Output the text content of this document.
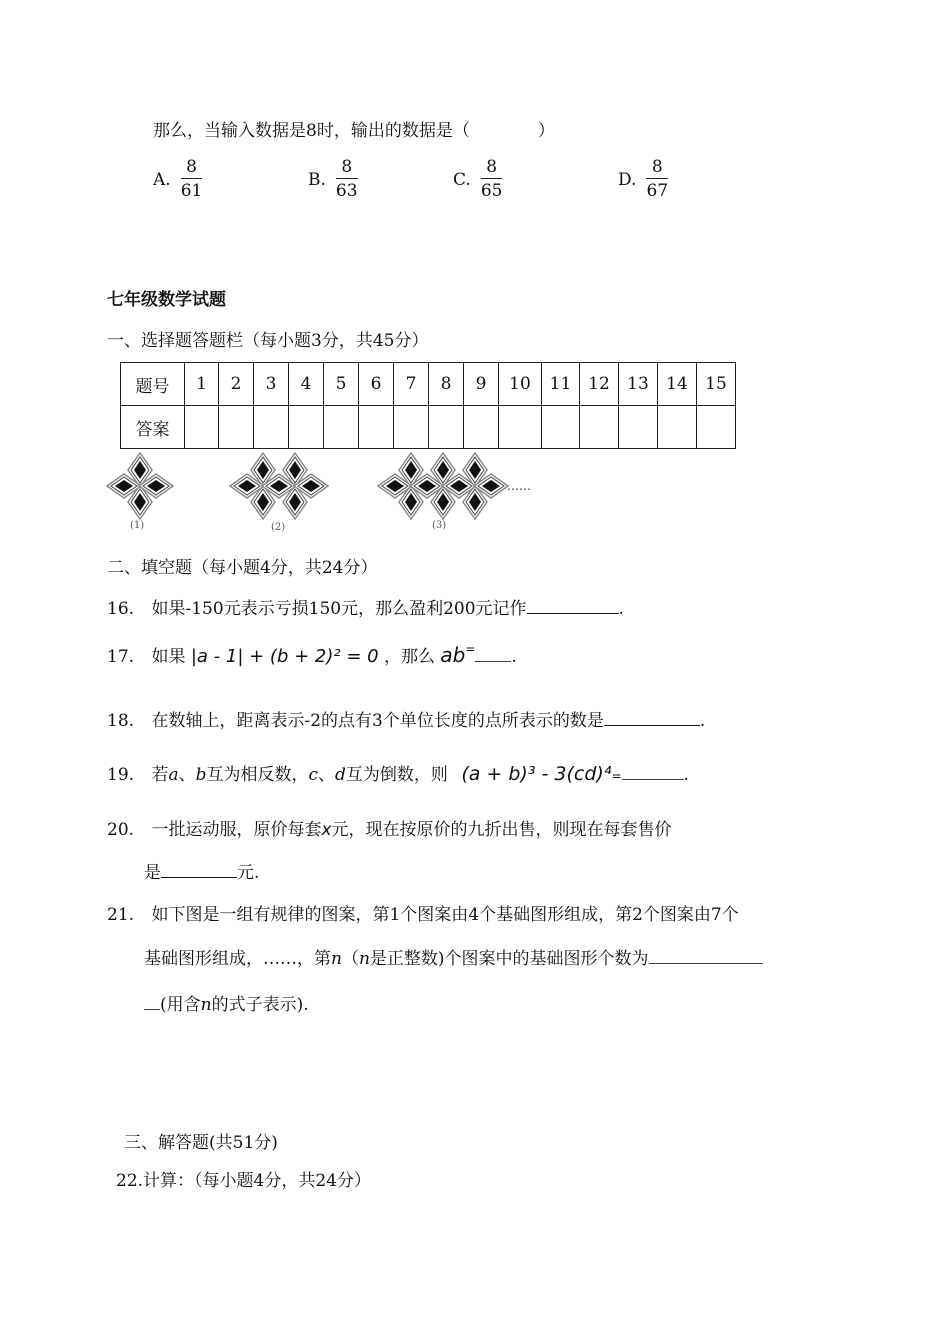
那么，当输入数据是8时，输出的数据是（　　　　）
A. $\frac{8}{61}$	B. $\frac{8}{63}$	C. $\frac{8}{65}$	D. $\frac{8}{67}$
七年级数学试题
一、选择题答题栏（每小题3分，共45分）
题号	1	2	3	4	5	6	7	8	9	10	11	12	13	14	15
答案															
……
(1)	(2)	(3)
二、填空题（每小题4分，共24分）
16. 如果-150元表示亏损150元，那么盈利200元记作	.
17. 如果 |a - 1| + (b + 2)² = 0 ，那么 ab= .
18. 在数轴上，距离表示-2的点有3个单位长度的点所表示的数是	.
19. 若a、b互为相反数，c、d互为倒数，则 (a + b)³ - 3(cd)⁴=	.
20. 一批运动服，原价每套x元，现在按原价的九折出售，则现在每套售价
是	元.
21. 如下图是一组有规律的图案，第1个图案由4个基础图形组成，第2个图案由7个
基础图形组成，……，第n（n是正整数)个图案中的基础图形个数为
(用含n的式子表示).
三、解答题(共51分)
22.计算：（每小题4分，共24分）
